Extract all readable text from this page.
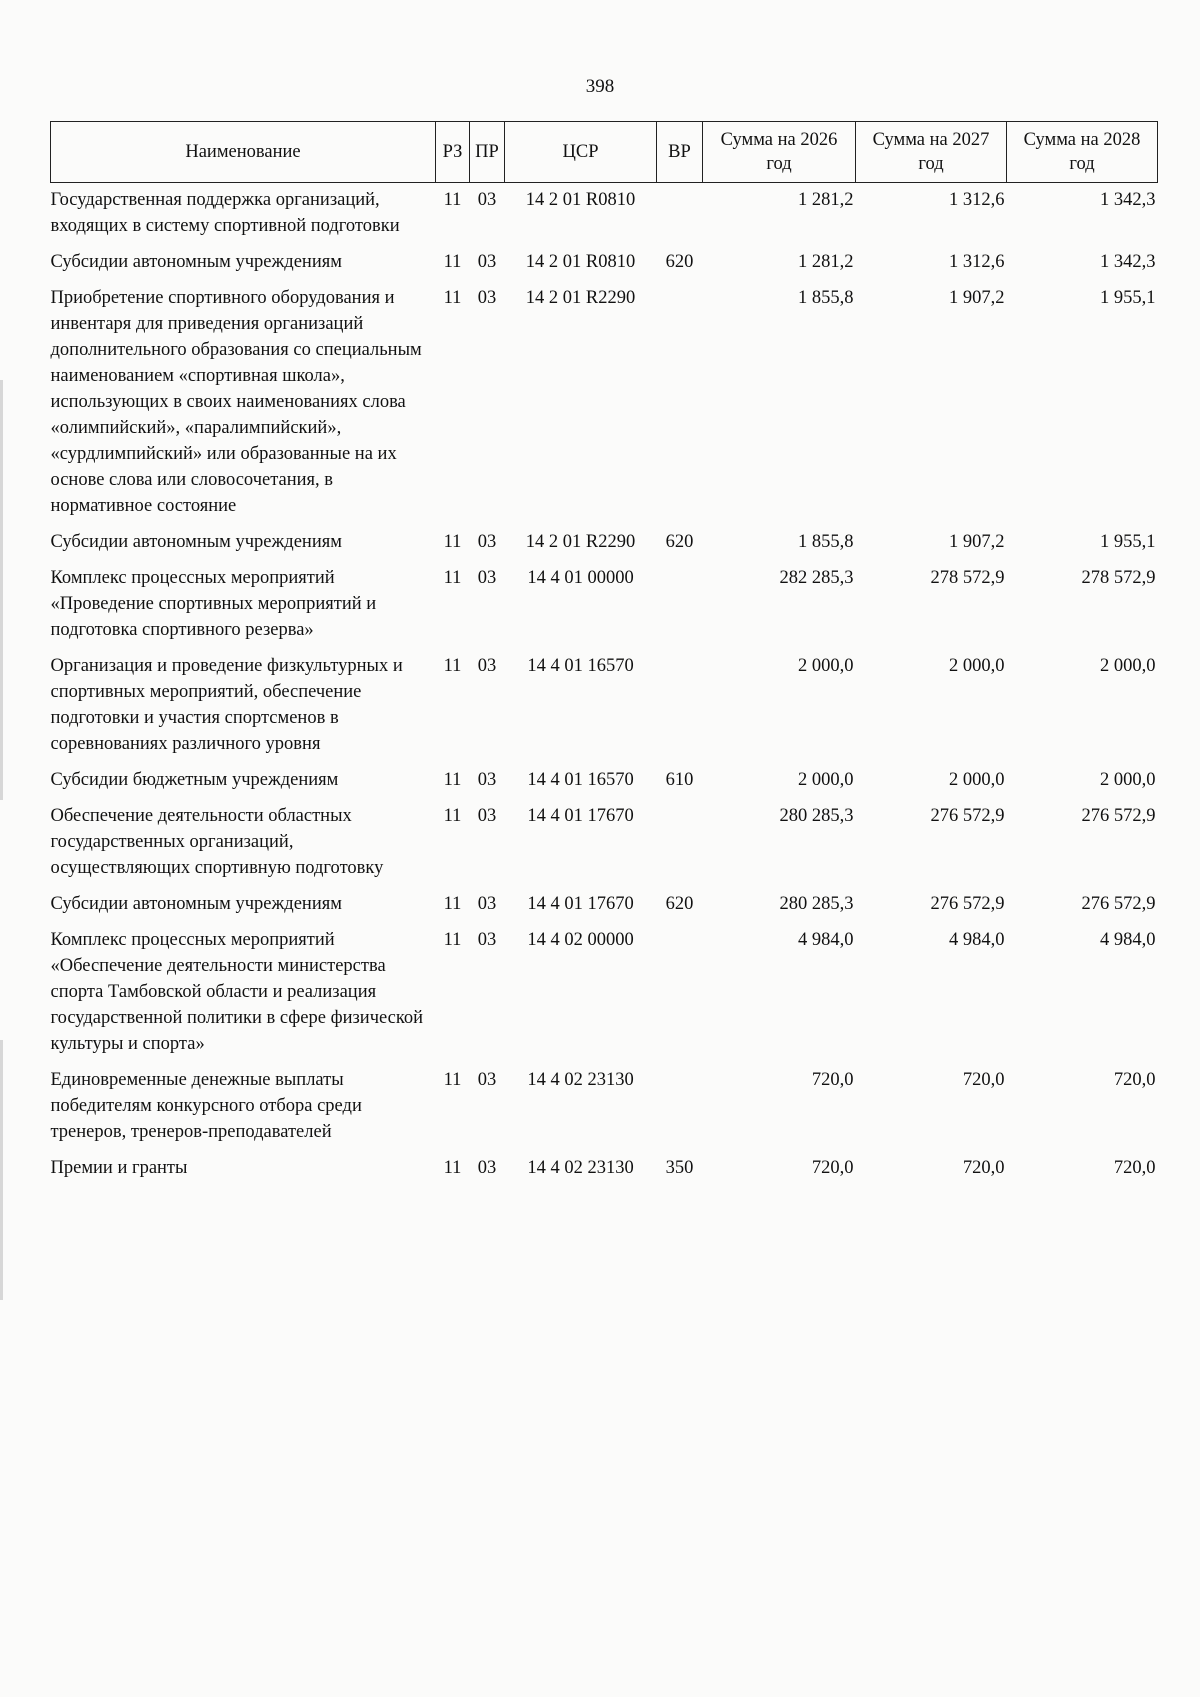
398
Наименование	РЗ	ПР	ЦСР	ВР	Сумма на 2026 год	Сумма на 2027 год	Сумма на 2028 год
Государственная поддержка организаций, входящих в систему спортивной подготовки	11	03	14 2 01 R0810		1 281,2	1 312,6	1 342,3
Субсидии автономным учреждениям	11	03	14 2 01 R0810	620	1 281,2	1 312,6	1 342,3
Приобретение спортивного оборудования и инвентаря для приведения организаций дополнительного образования со специальным наименованием «спортивная школа», использующих в своих наименованиях слова «олимпийский», «паралимпийский», «сурдлимпийский» или образованные на их основе слова или словосочетания, в нормативное состояние	11	03	14 2 01 R2290		1 855,8	1 907,2	1 955,1
Субсидии автономным учреждениям	11	03	14 2 01 R2290	620	1 855,8	1 907,2	1 955,1
Комплекс процессных мероприятий «Проведение спортивных мероприятий и подготовка спортивного резерва»	11	03	14 4 01 00000		282 285,3	278 572,9	278 572,9
Организация и проведение физкультурных и спортивных мероприятий, обеспечение подготовки и участия спортсменов в соревнованиях различного уровня	11	03	14 4 01 16570		2 000,0	2 000,0	2 000,0
Субсидии бюджетным учреждениям	11	03	14 4 01 16570	610	2 000,0	2 000,0	2 000,0
Обеспечение деятельности областных государственных организаций, осуществляющих спортивную подготовку	11	03	14 4 01 17670		280 285,3	276 572,9	276 572,9
Субсидии автономным учреждениям	11	03	14 4 01 17670	620	280 285,3	276 572,9	276 572,9
Комплекс процессных мероприятий «Обеспечение деятельности министерства спорта Тамбовской области и реализация государственной политики в сфере физической культуры и спорта»	11	03	14 4 02 00000		4 984,0	4 984,0	4 984,0
Единовременные денежные выплаты победителям конкурсного отбора среди тренеров, тренеров-преподавателей	11	03	14 4 02 23130		720,0	720,0	720,0
Премии и гранты	11	03	14 4 02 23130	350	720,0	720,0	720,0
